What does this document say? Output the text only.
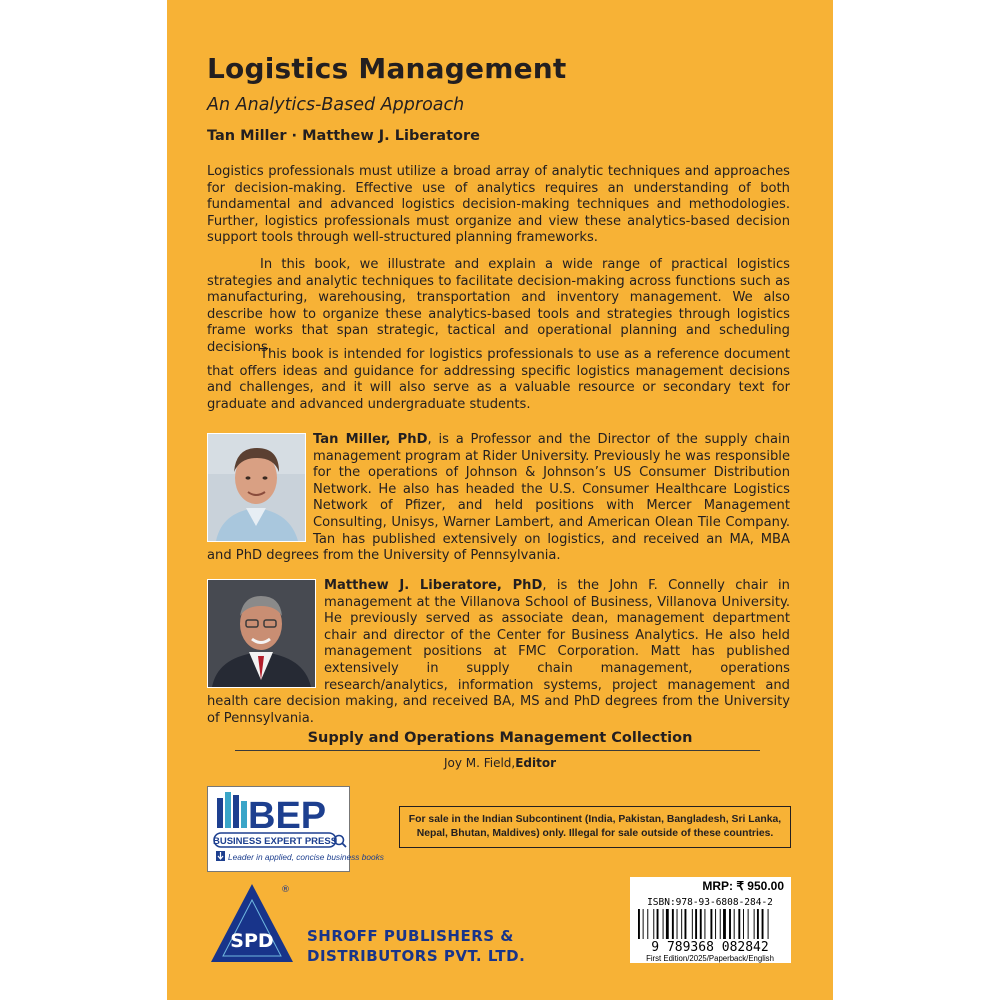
Logistics Management
An Analytics-Based Approach
Tan Miller · Matthew J. Liberatore

Logistics professionals must utilize a broad array of analytic techniques and approaches for decision-making. Effective use of analytics requires an understanding of both fundamental and advanced logistics decision-making techniques and methodologies. Further, logistics professionals must organize and view these analytics-based decision support tools through well-structured planning frameworks.

In this book, we illustrate and explain a wide range of practical logistics strategies and analytic techniques to facilitate decision-making across functions such as manufacturing, warehousing, transportation and inventory management. We also describe how to organize these analytics-based tools and strategies through logistics frame works that span strategic, tactical and operational planning and scheduling decisions.

This book is intended for logistics professionals to use as a reference document that offers ideas and guidance for addressing specific logistics management decisions and challenges, and it will also serve as a valuable resource or secondary text for graduate and advanced undergraduate students.

Tan Miller, PhD, is a Professor and the Director of the supply chain management program at Rider University. Previously he was responsible for the operations of Johnson & Johnson’s US Consumer Distribution Network. He also has headed the U.S. Consumer Healthcare Logistics Network of Pfizer, and held positions with Mercer Management Consulting, Unisys, Warner Lambert, and American Olean Tile Company. Tan has published extensively on logistics, and received an MA, MBA and PhD degrees from the University of Pennsylvania.
Matthew J. Liberatore, PhD, is the John F. Connelly chair in management at the Villanova School of Business, Villanova University. He previously served as associate dean, management department chair and director of the Center for Business Analytics. He also held management positions at FMC Corporation. Matt has published extensively in supply chain management, operations research/analytics, information systems, project management and health care decision making, and received BA, MS and PhD degrees from the University of Pennsylvania.
Supply and Operations Management Collection
Joy M. Field,Editor
BEP
BUSINESS EXPERT PRESS
Leader in applied, concise business books
For sale in the Indian Subcontinent (India, Pakistan, Bangladesh, Sri Lanka, Nepal, Bhutan, Maldives) only. Illegal for sale outside of these countries.
MRP: ₹ 950.00
ISBN:978-93-6808-284-2
9 789368 082842
First Edition/2025/Paperback/English
SPD
®
SHROFF PUBLISHERS &
DISTRIBUTORS PVT. LTD.
